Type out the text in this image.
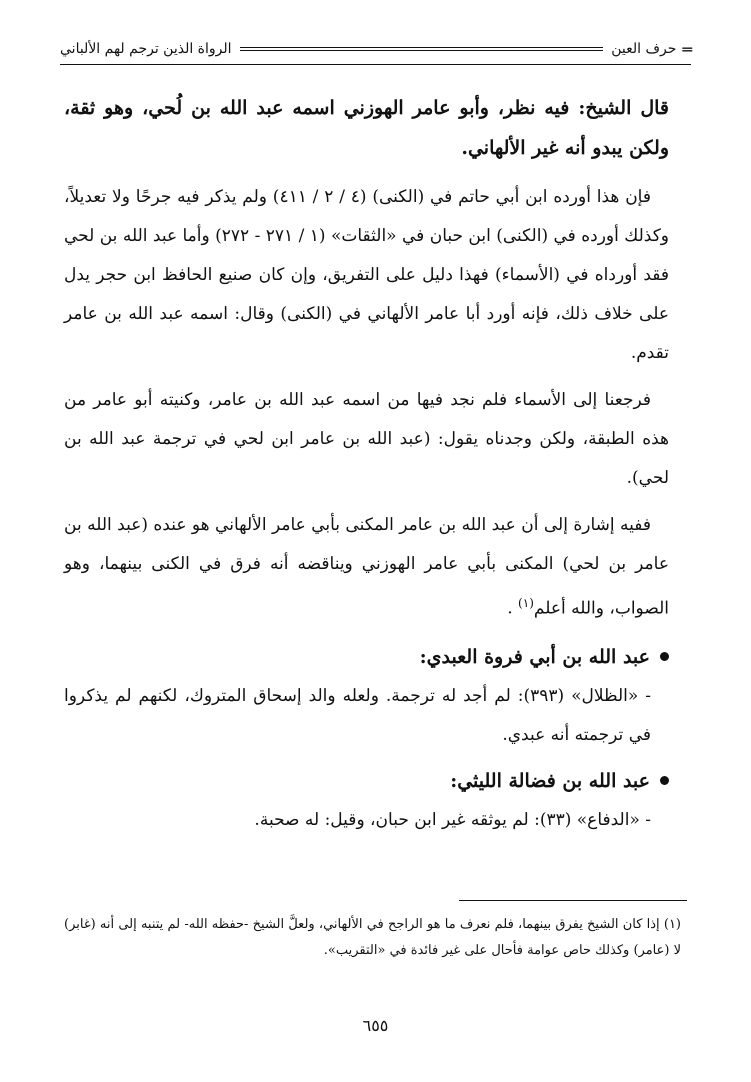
═
حرف العين
الرواة الذين ترجم لهم الألباني

قال الشيخ: فيه نظر، وأبو عامر الهوزني اسمه عبد الله بن لُحي، وهو ثقة، ولكن يبدو أنه غير الألهاني.

فإن هذا أورده ابن أبي حاتم في (الكنى) (٤ / ٢ / ٤١١) ولم يذكر فيه جرحًا ولا تعديلاً، وكذلك أورده في (الكنى) ابن حبان في «الثقات» (١ / ٢٧١ - ٢٧٢) وأما عبد الله بن لحي فقد أورداه في (الأسماء) فهذا دليل على التفريق، وإن كان صنيع الحافظ ابن حجر يدل على خلاف ذلك، فإنه أورد أبا عامر الألهاني في (الكنى) وقال: اسمه عبد الله بن عامر تقدم.

فرجعنا إلى الأسماء فلم نجد فيها من اسمه عبد الله بن عامر، وكنيته أبو عامر من هذه الطبقة، ولكن وجدناه يقول: (عبد الله بن عامر ابن لحي في ترجمة عبد الله بن لحي).

ففيه إشارة إلى أن عبد الله بن عامر المكنى بأبي عامر الألهاني هو عنده (عبد الله بن عامر بن لحي) المكنى بأبي عامر الهوزني ويناقضه أنه فرق في الكنى بينهما، وهو الصواب، والله أعلم$^{(١)}$ .

عبد الله بن أبي فروة العبدي:

- «الظلال» (٣٩٣): لم أجد له ترجمة. ولعله والد إسحاق المتروك، لكنهم لم يذكروا في ترجمته أنه عبدي.

عبد الله بن فضالة الليثي:

- «الدفاع» (٣٣): لم يوثقه غير ابن حبان، وقيل: له صحبة.

(١) إذا كان الشيخ يفرق بينهما، فلم نعرف ما هو الراجح في الألهاني، ولعلَّ الشيخ -حفظه الله- لم يتنبه إلى أنه (غابر) لا (عامر) وكذلك حاص عوامة فأحال على غير فائدة في «التقريب».

٦٥٥
